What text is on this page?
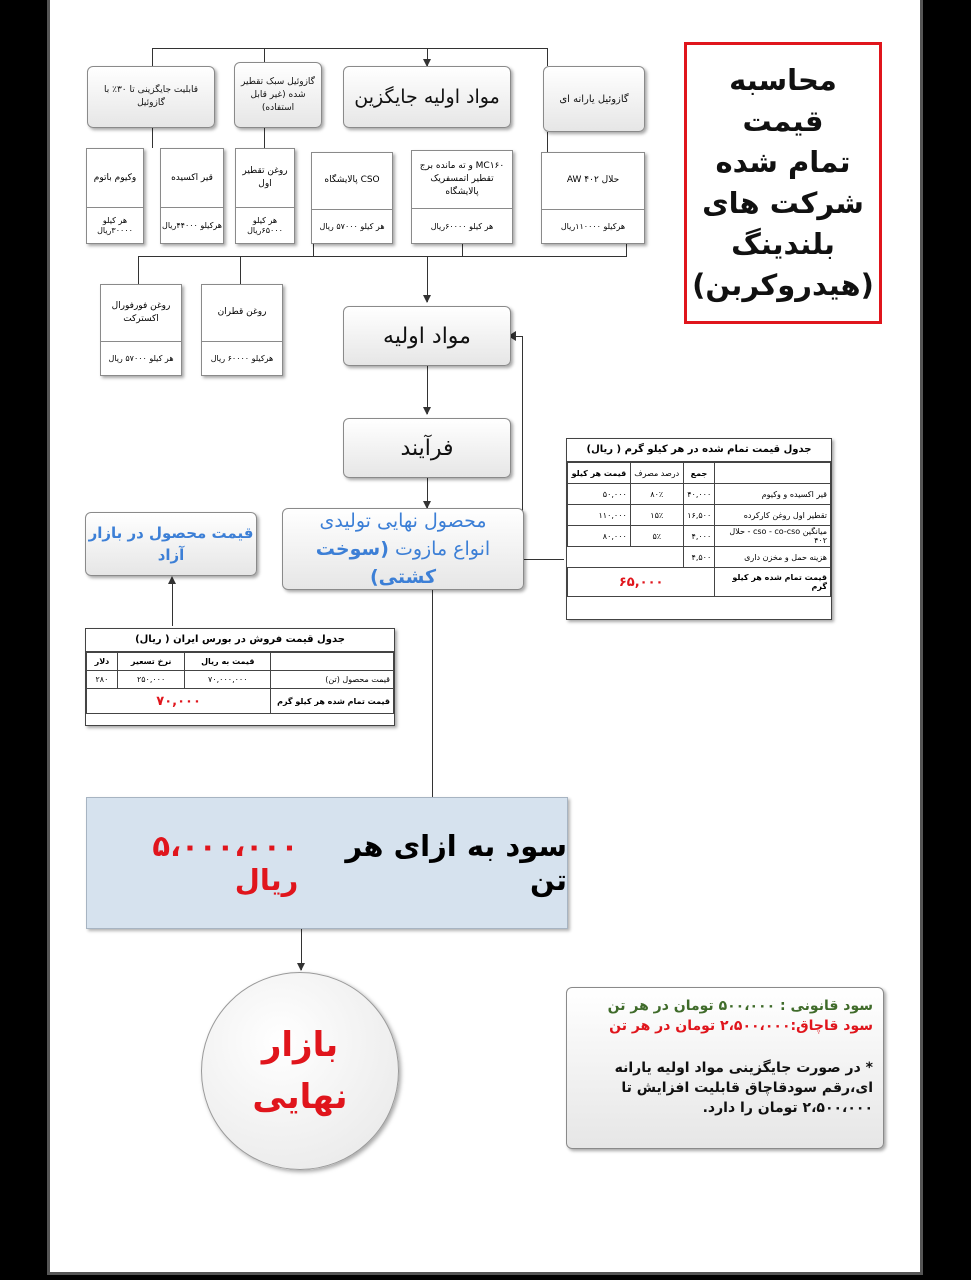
قابلیت جایگزینی تا ۳۰٪ با گازوئیل
گازوئیل سبک تقطیر شده (غیر قابل استفاده)	مواد اولیه جایگزین	گازوئیل یارانه ای
وکیوم باتوم
هر کیلو ۳۰۰۰۰ریال
قیر اکسیده
هرکیلو ۴۴۰۰۰ریال
روغن تقطیر اول
هر کیلو ۶۵۰۰۰ریال
CSO پالایشگاه
هر کیلو ۵۷۰۰۰ ریال
MC۱۶۰ و ته مانده برج تقطیر اتمسفریک پالایشگاه
هر کیلو ۶۰۰۰۰ریال
حلال AW ۴۰۲
هرکیلو ۱۱۰۰۰۰ریال
روغن فورفورال اکسترکت
هر کیلو ۵۷۰۰۰ ریال
روغن قطران
هرکیلو ۶۰۰۰۰ ریال
مواد اولیه
فرآیند
محصول نهایی تولیدی
انواع مازوت (سوخت کشتی)
قیمت محصول در بازار آزاد
محاسبه قیمت
تمام شده
شرکت های
بلندینگ
(هیدروکربن)
جدول قیمت تمام شده در هر کیلو گرم ( ریال)
	جمع	درصد مصرف	قیمت هر کیلو
قیر اکسیده و وکیوم	۴۰,۰۰۰	۸۰٪	۵۰,۰۰۰
تقطیر اول روغن کارکرده	۱۶,۵۰۰	۱۵٪	۱۱۰,۰۰۰
میانگین cso - co-cso - حلال ۴۰۲	۴,۰۰۰	۵٪	۸۰,۰۰۰
هزینه حمل و مخزن داری	۴,۵۰۰		
قیمت تمام شده هر کیلو گرم	۶۵,۰۰۰		
جدول قیمت فروش در بورس ایران ( ریال)
	قیمت به ریال	نرخ تسعیر	دلار
قیمت محصول (تن)	۷۰,۰۰۰,۰۰۰	۲۵۰,۰۰۰	۲۸۰
قیمت تمام شده هر کیلو گرم	۷۰,۰۰۰		
سود به ازای هر تن

۵،۰۰۰،۰۰۰ ریال
بازار
نهایی
سود قانونی : ۵۰۰،۰۰۰ تومان در هر تن
سود قاچاق:۲،۵۰۰،۰۰۰ تومان در هر تن
* در صورت جایگزینی مواد اولیه یارانه ای،رقم سودقاچاق قابلیت افزایش تا ۲،۵۰۰،۰۰۰ تومان را دارد.
